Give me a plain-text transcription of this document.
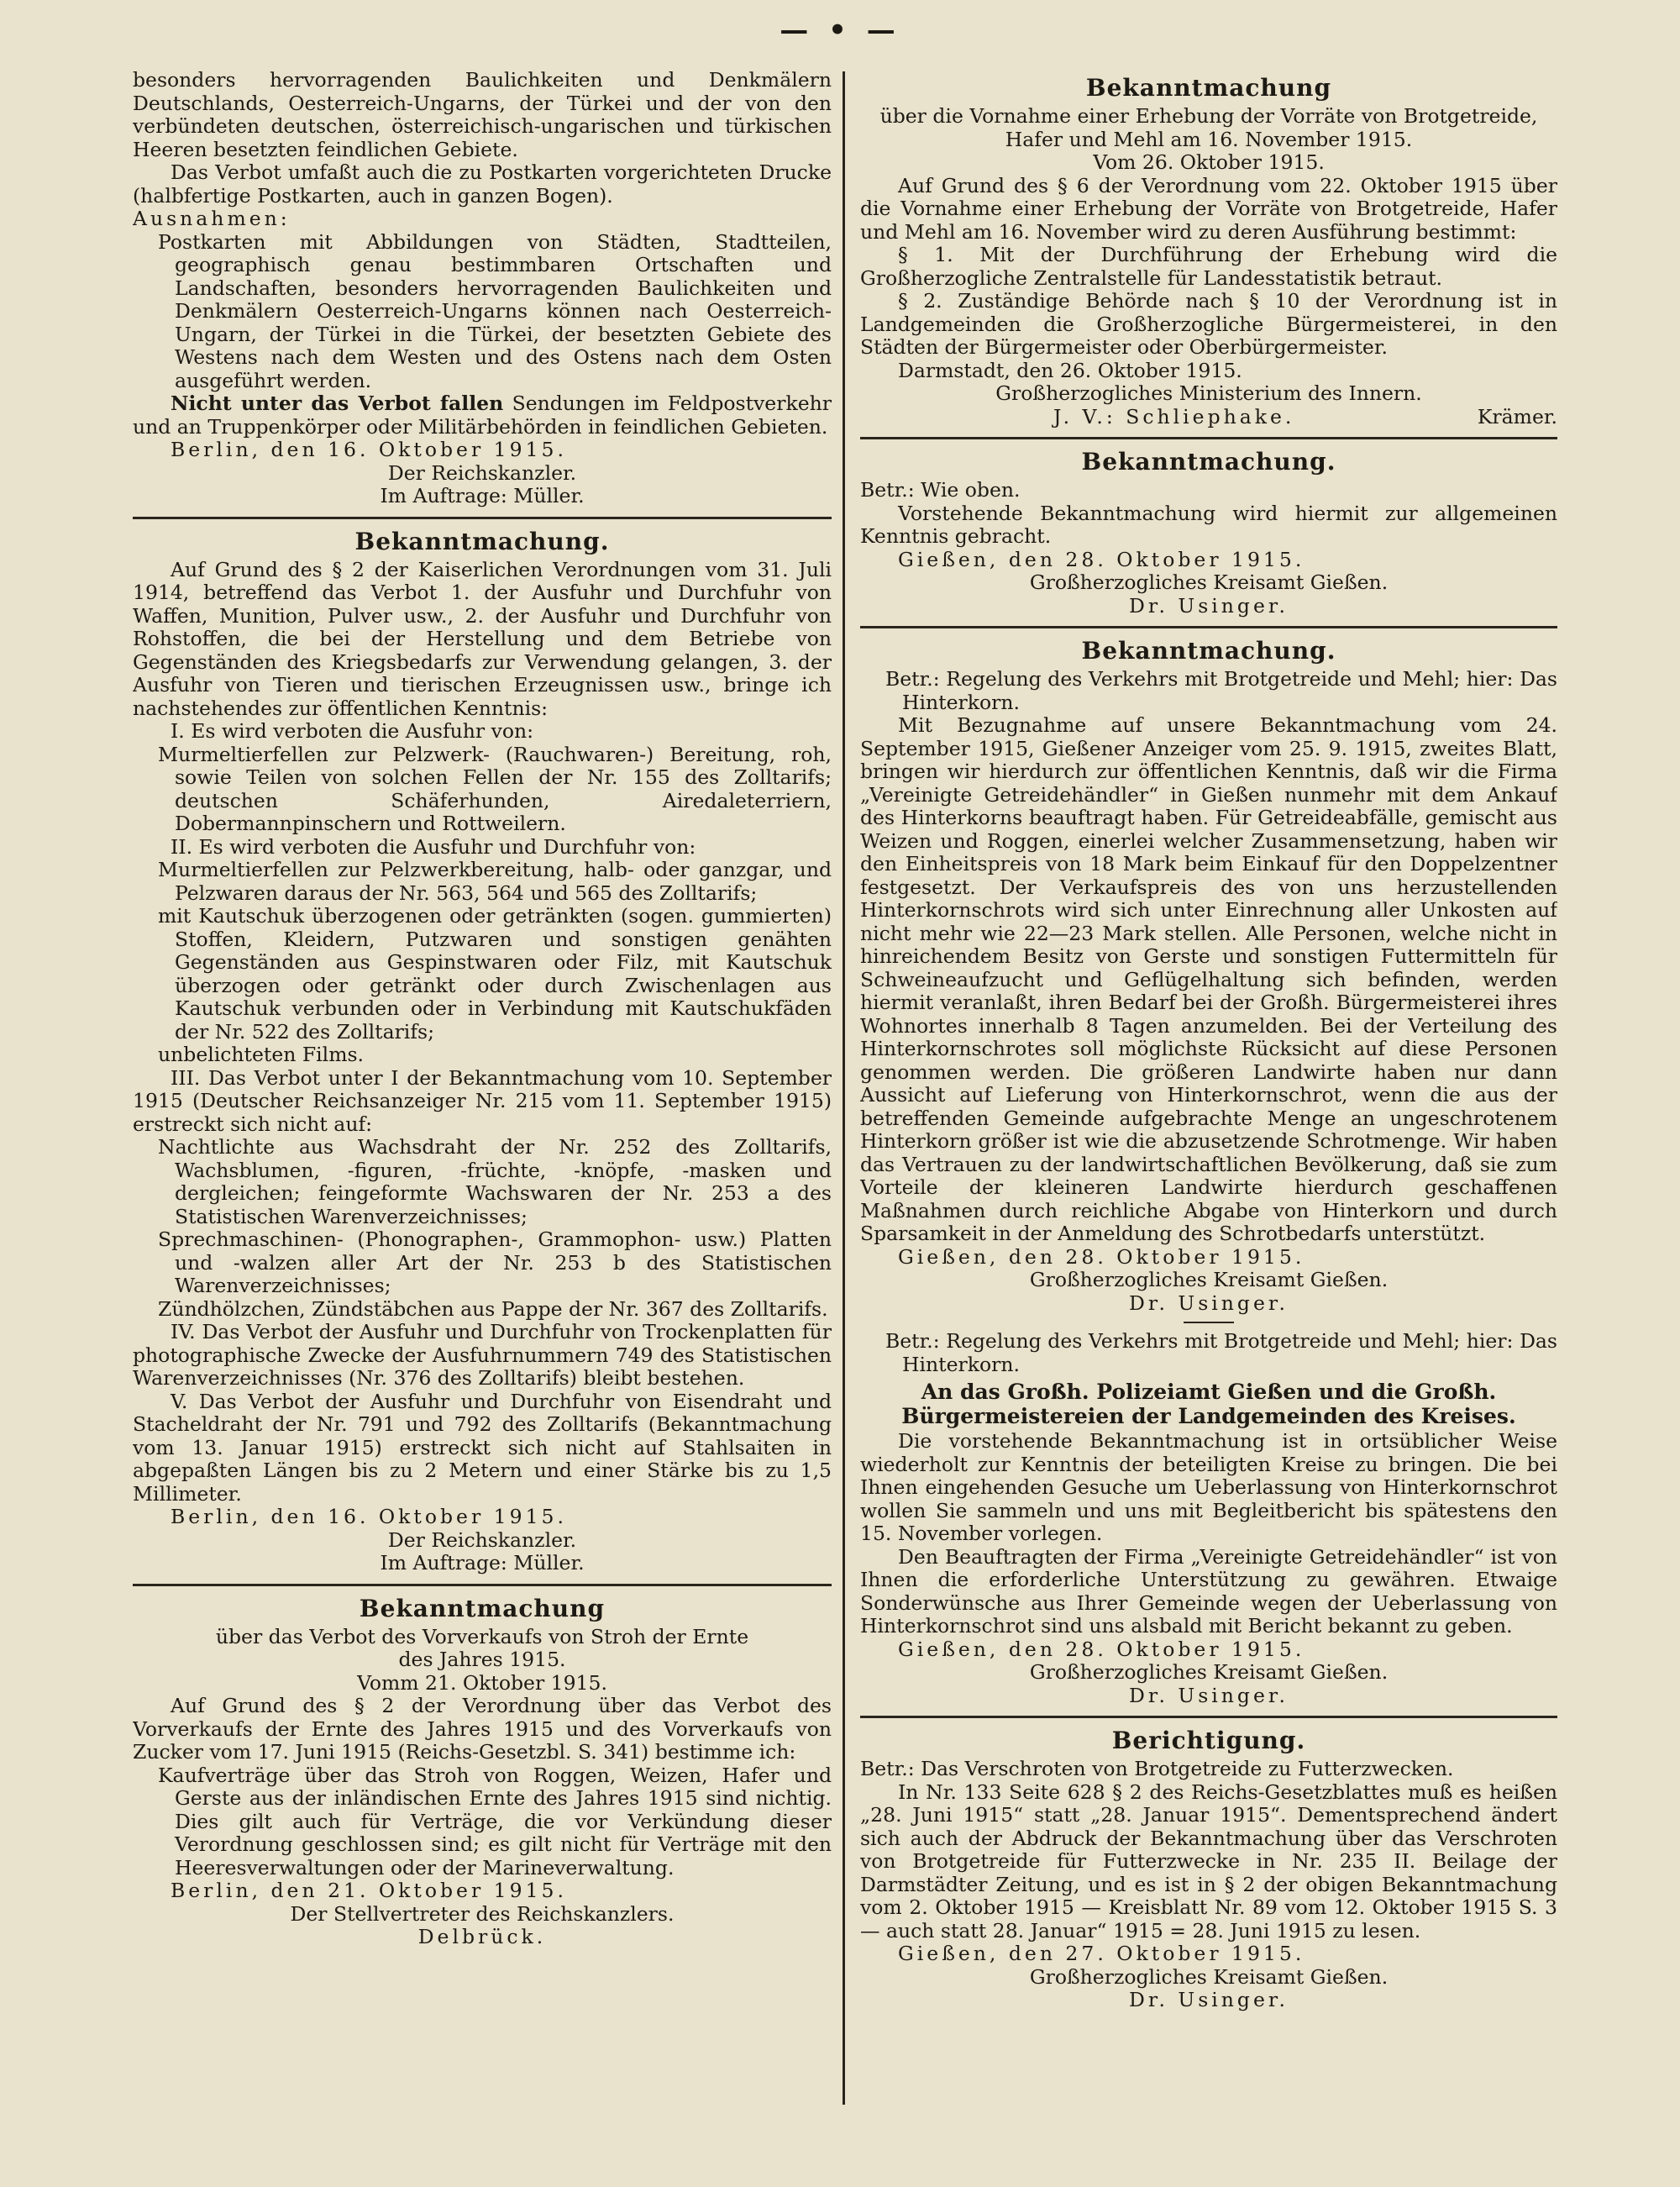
— • —

besonders hervorragenden Baulichkeiten und Denkmälern Deutschlands, Oesterreich-Ungarns, der Türkei und der von den verbündeten deutschen, österreichisch-ungarischen und türkischen Heeren besetzten feindlichen Gebiete.

Das Verbot umfaßt auch die zu Postkarten vorgerichteten Drucke (halbfertige Postkarten, auch in ganzen Bogen).

Ausnahmen:

Postkarten mit Abbildungen von Städten, Stadtteilen, geographisch genau bestimmbaren Ortschaften und Landschaften, besonders hervorragenden Baulichkeiten und Denkmälern Oesterreich-Ungarns können nach Oesterreich-Ungarn, der Türkei in die Türkei, der besetzten Gebiete des Westens nach dem Westen und des Ostens nach dem Osten ausgeführt werden.

Nicht unter das Verbot fallen Sendungen im Feldpostverkehr und an Truppenkörper oder Militärbehörden in feindlichen Gebieten.

Berlin, den 16. Oktober 1915.

Der Reichskanzler.

Im Auftrage: Müller.

Bekanntmachung.

Auf Grund des § 2 der Kaiserlichen Verordnungen vom 31. Juli 1914, betreffend das Verbot 1. der Ausfuhr und Durchfuhr von Waffen, Munition, Pulver usw., 2. der Ausfuhr und Durchfuhr von Rohstoffen, die bei der Herstellung und dem Betriebe von Gegenständen des Kriegsbedarfs zur Verwendung gelangen, 3. der Ausfuhr von Tieren und tierischen Erzeugnissen usw., bringe ich nachstehendes zur öffentlichen Kenntnis:

I. Es wird verboten die Ausfuhr von:

Murmeltierfellen zur Pelzwerk- (Rauchwaren-) Bereitung, roh, sowie Teilen von solchen Fellen der Nr. 155 des Zolltarifs; deutschen Schäferhunden, Airedaleterriern, Dobermannpinschern und Rottweilern.

II. Es wird verboten die Ausfuhr und Durchfuhr von:

Murmeltierfellen zur Pelzwerkbereitung, halb- oder ganzgar, und Pelzwaren daraus der Nr. 563, 564 und 565 des Zolltarifs;

mit Kautschuk überzogenen oder getränkten (sogen. gummierten) Stoffen, Kleidern, Putzwaren und sonstigen genähten Gegenständen aus Gespinstwaren oder Filz, mit Kautschuk überzogen oder getränkt oder durch Zwischenlagen aus Kautschuk verbunden oder in Verbindung mit Kautschukfäden der Nr. 522 des Zolltarifs;

unbelichteten Films.

III. Das Verbot unter I der Bekanntmachung vom 10. September 1915 (Deutscher Reichsanzeiger Nr. 215 vom 11. September 1915) erstreckt sich nicht auf:

Nachtlichte aus Wachsdraht der Nr. 252 des Zolltarifs, Wachsblumen, -figuren, -früchte, -knöpfe, -masken und dergleichen; feingeformte Wachswaren der Nr. 253 a des Statistischen Warenverzeichnisses;

Sprechmaschinen- (Phonographen-, Grammophon- usw.) Platten und -walzen aller Art der Nr. 253 b des Statistischen Warenverzeichnisses;

Zündhölzchen, Zündstäbchen aus Pappe der Nr. 367 des Zolltarifs.

IV. Das Verbot der Ausfuhr und Durchfuhr von Trockenplatten für photographische Zwecke der Ausfuhrnummern 749 des Statistischen Warenverzeichnisses (Nr. 376 des Zolltarifs) bleibt bestehen.

V. Das Verbot der Ausfuhr und Durchfuhr von Eisendraht und Stacheldraht der Nr. 791 und 792 des Zolltarifs (Bekanntmachung vom 13. Januar 1915) erstreckt sich nicht auf Stahlsaiten in abgepaßten Längen bis zu 2 Metern und einer Stärke bis zu 1,5 Millimeter.

Berlin, den 16. Oktober 1915.

Der Reichskanzler.

Im Auftrage: Müller.

Bekanntmachung

über das Verbot des Vorverkaufs von Stroh der Ernte

des Jahres 1915.

Vomm 21. Oktober 1915.

Auf Grund des § 2 der Verordnung über das Verbot des Vorverkaufs der Ernte des Jahres 1915 und des Vorverkaufs von Zucker vom 17. Juni 1915 (Reichs-Gesetzbl. S. 341) bestimme ich:

Kaufverträge über das Stroh von Roggen, Weizen, Hafer und Gerste aus der inländischen Ernte des Jahres 1915 sind nichtig. Dies gilt auch für Verträge, die vor Verkündung dieser Verordnung geschlossen sind; es gilt nicht für Verträge mit den Heeresverwaltungen oder der Marineverwaltung.

Berlin, den 21. Oktober 1915.

Der Stellvertreter des Reichskanzlers.

Delbrück.

Bekanntmachung

über die Vornahme einer Erhebung der Vorräte von Brotgetreide,

Hafer und Mehl am 16. November 1915.

Vom 26. Oktober 1915.

Auf Grund des § 6 der Verordnung vom 22. Oktober 1915 über die Vornahme einer Erhebung der Vorräte von Brotgetreide, Hafer und Mehl am 16. November wird zu deren Ausführung bestimmt:

§ 1. Mit der Durchführung der Erhebung wird die Großherzogliche Zentralstelle für Landesstatistik betraut.

§ 2. Zuständige Behörde nach § 10 der Verordnung ist in Landgemeinden die Großherzogliche Bürgermeisterei, in den Städten der Bürgermeister oder Oberbürgermeister.

Darmstadt, den 26. Oktober 1915.

Großherzogliches Ministerium des Innern.

J. V.: Schliephake.	Krämer.

Bekanntmachung.

Betr.: Wie oben.

Vorstehende Bekanntmachung wird hiermit zur allgemeinen Kenntnis gebracht.

Gießen, den 28. Oktober 1915.

Großherzogliches Kreisamt Gießen.

Dr. Usinger.

Bekanntmachung.

Betr.: Regelung des Verkehrs mit Brotgetreide und Mehl; hier: Das Hinterkorn.

Mit Bezugnahme auf unsere Bekanntmachung vom 24. September 1915, Gießener Anzeiger vom 25. 9. 1915, zweites Blatt, bringen wir hierdurch zur öffentlichen Kenntnis, daß wir die Firma „Vereinigte Getreidehändler“ in Gießen nunmehr mit dem Ankauf des Hinterkorns beauftragt haben. Für Getreideabfälle, gemischt aus Weizen und Roggen, einerlei welcher Zusammensetzung, haben wir den Einheitspreis von 18 Mark beim Einkauf für den Doppelzentner festgesetzt. Der Verkaufspreis des von uns herzustellenden Hinterkornschrots wird sich unter Einrechnung aller Unkosten auf nicht mehr wie 22—23 Mark stellen. Alle Personen, welche nicht in hinreichendem Besitz von Gerste und sonstigen Futtermitteln für Schweineaufzucht und Geflügelhaltung sich befinden, werden hiermit veranlaßt, ihren Bedarf bei der Großh. Bürgermeisterei ihres Wohnortes innerhalb 8 Tagen anzumelden. Bei der Verteilung des Hinterkornschrotes soll möglichste Rücksicht auf diese Personen genommen werden. Die größeren Landwirte haben nur dann Aussicht auf Lieferung von Hinterkornschrot, wenn die aus der betreffenden Gemeinde aufgebrachte Menge an ungeschrotenem Hinterkorn größer ist wie die abzusetzende Schrotmenge. Wir haben das Vertrauen zu der landwirtschaftlichen Bevölkerung, daß sie zum Vorteile der kleineren Landwirte hierdurch geschaffenen Maßnahmen durch reichliche Abgabe von Hinterkorn und durch Sparsamkeit in der Anmeldung des Schrotbedarfs unterstützt.

Gießen, den 28. Oktober 1915.

Großherzogliches Kreisamt Gießen.

Dr. Usinger.

Betr.: Regelung des Verkehrs mit Brotgetreide und Mehl; hier: Das Hinterkorn.

An das Großh. Polizeiamt Gießen und die Großh. Bürgermeistereien der Landgemeinden des Kreises.

Die vorstehende Bekanntmachung ist in ortsüblicher Weise wiederholt zur Kenntnis der beteiligten Kreise zu bringen. Die bei Ihnen eingehenden Gesuche um Ueberlassung von Hinterkornschrot wollen Sie sammeln und uns mit Begleitbericht bis spätestens den 15. November vorlegen.

Den Beauftragten der Firma „Vereinigte Getreidehändler“ ist von Ihnen die erforderliche Unterstützung zu gewähren. Etwaige Sonderwünsche aus Ihrer Gemeinde wegen der Ueberlassung von Hinterkornschrot sind uns alsbald mit Bericht bekannt zu geben.

Gießen, den 28. Oktober 1915.

Großherzogliches Kreisamt Gießen.

Dr. Usinger.

Berichtigung.

Betr.: Das Verschroten von Brotgetreide zu Futterzwecken.

In Nr. 133 Seite 628 § 2 des Reichs-Gesetzblattes muß es heißen „28. Juni 1915“ statt „28. Januar 1915“. Dementsprechend ändert sich auch der Abdruck der Bekanntmachung über das Verschroten von Brotgetreide für Futterzwecke in Nr. 235 II. Beilage der Darmstädter Zeitung, und es ist in § 2 der obigen Bekanntmachung vom 2. Oktober 1915 — Kreisblatt Nr. 89 vom 12. Oktober 1915 S. 3 — auch statt 28. Januar“ 1915 = 28. Juni 1915 zu lesen.

Gießen, den 27. Oktober 1915.

Großherzogliches Kreisamt Gießen.

Dr. Usinger.
